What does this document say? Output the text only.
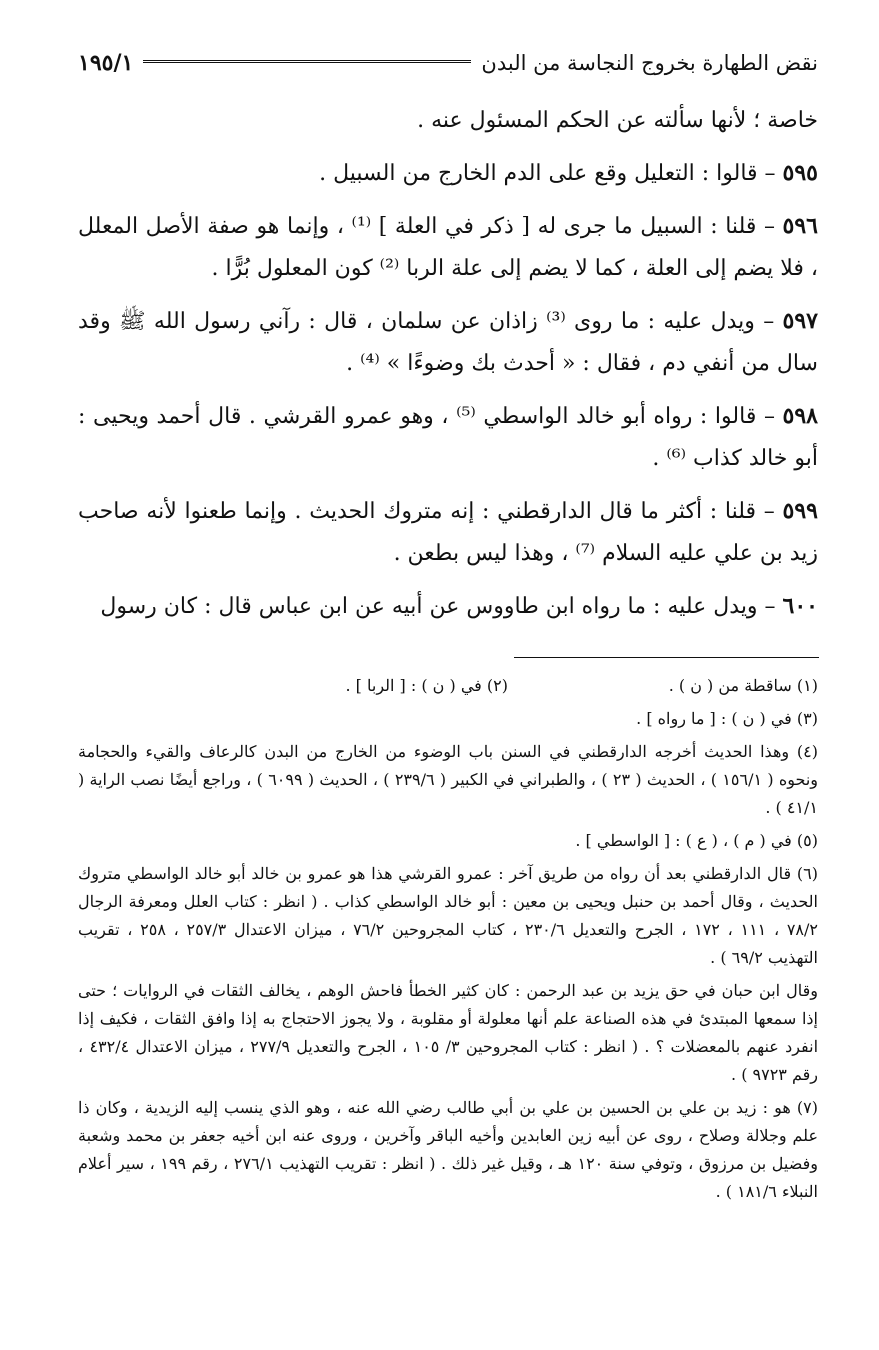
نقض الطهارة بخروج النجاسة من البدن
١٩٥/١

خاصة ؛ لأنها سألته عن الحكم المسئول عنه .

٥٩٥ – قالوا : التعليل وقع على الدم الخارج من السبيل .

٥٩٦ – قلنا : السبيل ما جرى له [ ذكر في العلة ] ⁽¹⁾ ، وإنما هو صفة الأصل المعلل ، فلا يضم إلى العلة ، كما لا يضم إلى علة الربا ⁽²⁾ كون المعلول بُرًّا .

٥٩٧ – ويدل عليه : ما روى ⁽³⁾ زاذان عن سلمان ، قال : رآني رسول الله ﷺ وقد سال من أنفي دم ، فقال : « أحدث بك وضوءًا » ⁽⁴⁾ .

٥٩٨ – قالوا : رواه أبو خالد الواسطي ⁽⁵⁾ ، وهو عمرو القرشي . قال أحمد ويحيى : أبو خالد كذاب ⁽⁶⁾ .

٥٩٩ – قلنا : أكثر ما قال الدارقطني : إنه متروك الحديث . وإنما طعنوا لأنه صاحب زيد بن علي عليه السلام ⁽⁷⁾ ، وهذا ليس بطعن .

٦٠٠ – ويدل عليه : ما رواه ابن طاووس عن أبيه عن ابن عباس قال : كان رسول

(١) ساقطة من ( ن ) .
(٢) في ( ن ) : [ الربا ] .

(٣) في ( ن ) : [ ما رواه ] .

(٤) وهذا الحديث أخرجه الدارقطني في السنن باب الوضوء من الخارج من البدن كالرعاف والقيء والحجامة ونحوه ( ١٥٦/١ ) ، الحديث ( ٢٣ ) ، والطبراني في الكبير ( ٢٣٩/٦ ) ، الحديث ( ٦٠٩٩ ) ، وراجع أيضًا نصب الراية ( ٤١/١ ) .

(٥) في ( م ) ، ( ع ) : [ الواسطي ] .

(٦) قال الدارقطني بعد أن رواه من طريق آخر : عمرو القرشي هذا هو عمرو بن خالد أبو خالد الواسطي متروك الحديث ، وقال أحمد بن حنبل ويحيى بن معين : أبو خالد الواسطي كذاب . ( انظر : كتاب العلل ومعرفة الرجال ٧٨/٢ ، ١١١ ، ١٧٢ ، الجرح والتعديل ٢٣٠/٦ ، كتاب المجروحين ٧٦/٢ ، ميزان الاعتدال ٢٥٧/٣ ، ٢٥٨ ، تقريب التهذيب ٦٩/٢ ) .

وقال ابن حبان في حق يزيد بن عبد الرحمن : كان كثير الخطأ فاحش الوهم ، يخالف الثقات في الروايات ؛ حتى إذا سمعها المبتدئ في هذه الصناعة علم أنها معلولة أو مقلوبة ، ولا يجوز الاحتجاج به إذا وافق الثقات ، فكيف إذا انفرد عنهم بالمعضلات ؟ . ( انظر : كتاب المجروحين ٣/ ١٠٥ ، الجرح والتعديل ٢٧٧/٩ ، ميزان الاعتدال ٤٣٢/٤ ، رقم ٩٧٢٣ ) .

(٧) هو : زيد بن علي بن الحسين بن علي بن أبي طالب رضي الله عنه ، وهو الذي ينسب إليه الزيدية ، وكان ذا علم وجلالة وصلاح ، روى عن أبيه زين العابدين وأخيه الباقر وآخرين ، وروى عنه ابن أخيه جعفر بن محمد وشعبة وفضيل بن مرزوق ، وتوفي سنة ١٢٠ هـ ، وقيل غير ذلك . ( انظر : تقريب التهذيب ٢٧٦/١ ، رقم ١٩٩ ، سير أعلام النبلاء ١٨١/٦ ) .
